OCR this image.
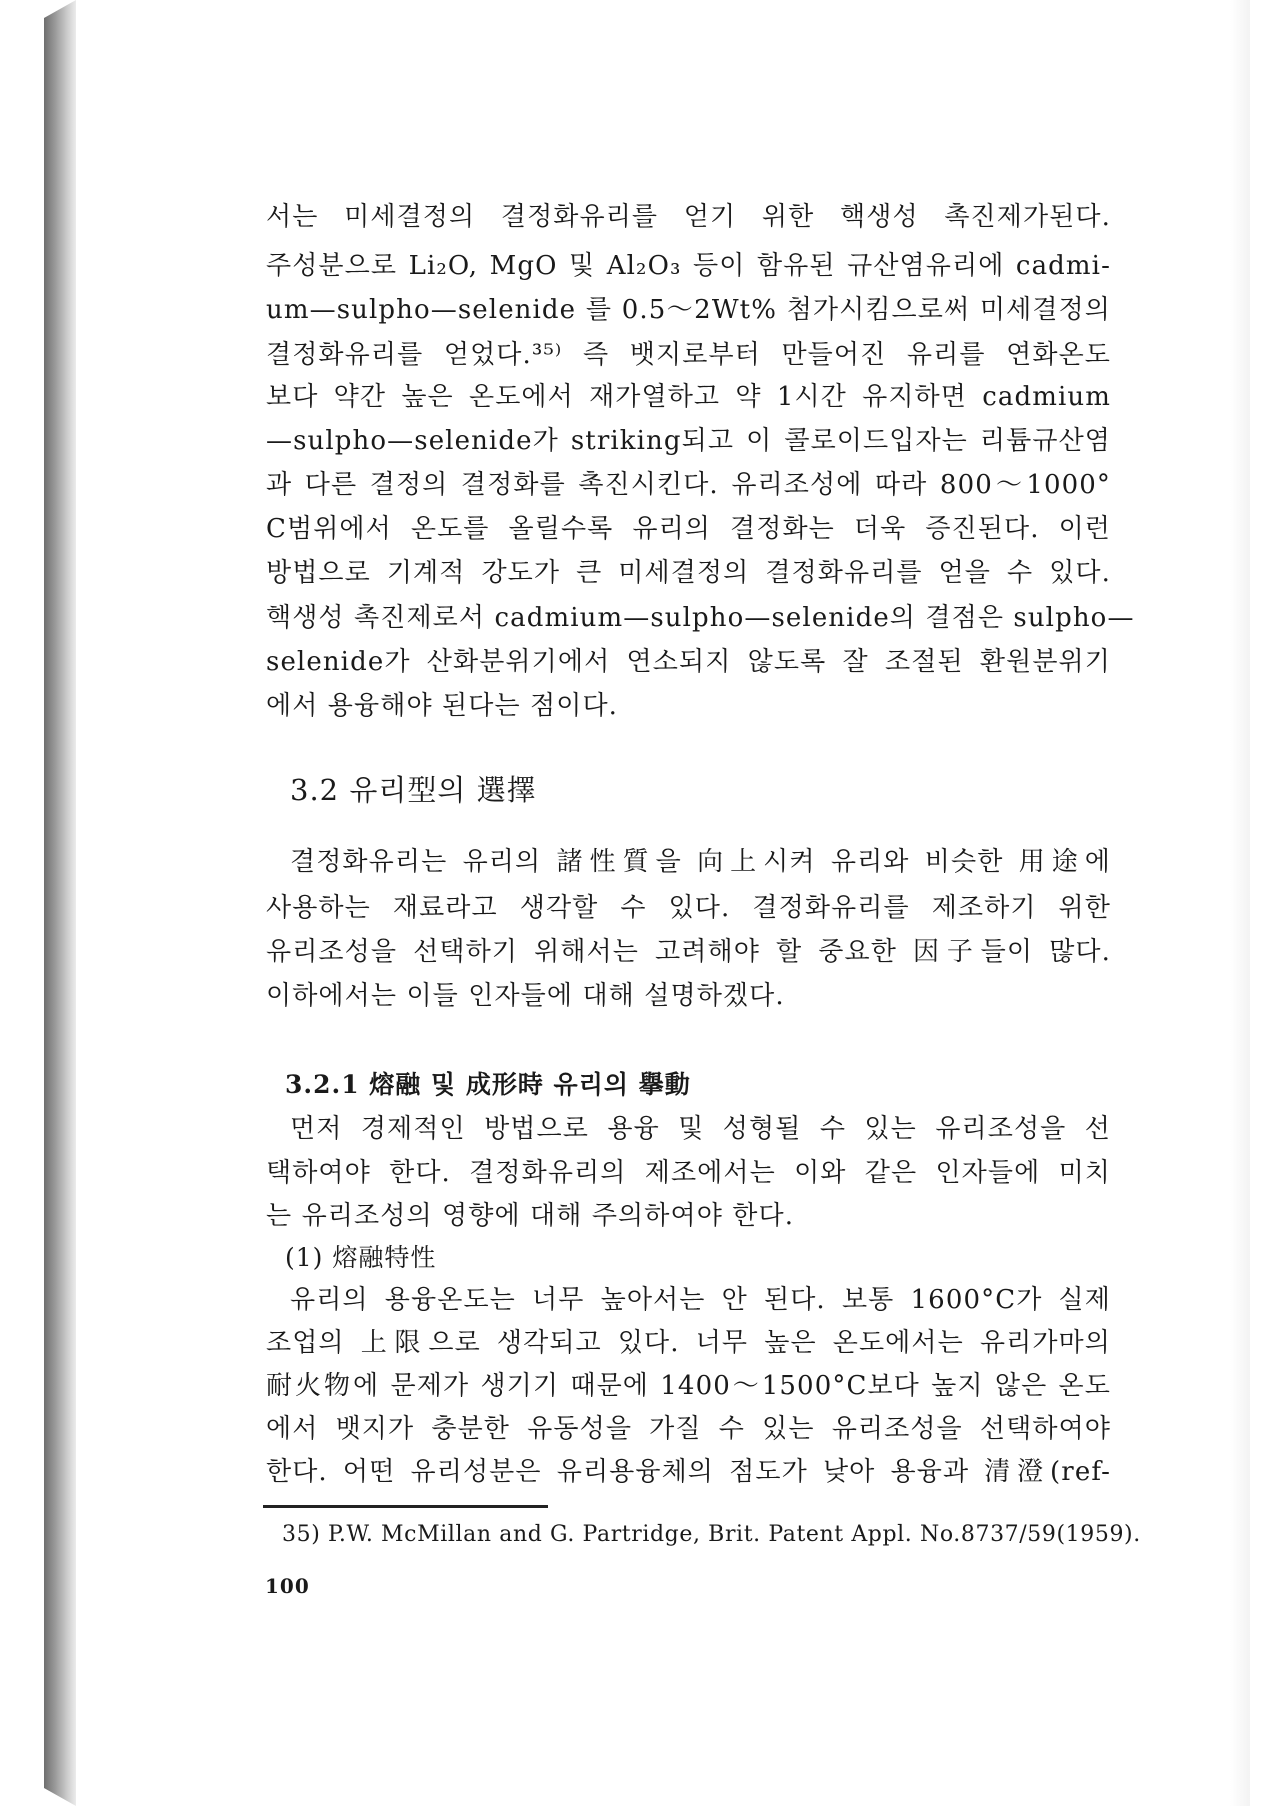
서는 미세결정의 결정화유리를 얻기 위한 핵생성 촉진제가된다.
주성분으로 Li₂O, MgO 및 Al₂O₃ 등이 함유된 규산염유리에 cadmi-
um—sulpho—selenide 를 0.5～2Wt% 첨가시킴으로써 미세결정의
결정화유리를 얻었다.³⁵⁾ 즉 뱃지로부터 만들어진 유리를 연화온도
보다 약간 높은 온도에서 재가열하고 약 1시간 유지하면 cadmium
—sulpho—selenide가 striking되고 이 콜로이드입자는 리튬규산염
과 다른 결정의 결정화를 촉진시킨다. 유리조성에 따라 800～1000°
C범위에서 온도를 올릴수록 유리의 결정화는 더욱 증진된다. 이런
방법으로 기계적 강도가 큰 미세결정의 결정화유리를 얻을 수 있다.
핵생성 촉진제로서 cadmium—sulpho—selenide의 결점은 sulpho—
selenide가 산화분위기에서 연소되지 않도록 잘 조절된 환원분위기
에서 용융해야 된다는 점이다.
3.2 유리型의 選擇
결정화유리는 유리의 諸性質을 向上시켜 유리와 비슷한 用途에
사용하는 재료라고 생각할 수 있다. 결정화유리를 제조하기 위한
유리조성을 선택하기 위해서는 고려해야 할 중요한 因子들이 많다.
이하에서는 이들 인자들에 대해 설명하겠다.
3.2.1 熔融 및 成形時 유리의 擧動
먼저 경제적인 방법으로 용융 및 성형될 수 있는 유리조성을 선
택하여야 한다. 결정화유리의 제조에서는 이와 같은 인자들에 미치
는 유리조성의 영향에 대해 주의하여야 한다.
(1) 熔融特性
유리의 용융온도는 너무 높아서는 안 된다. 보통 1600°C가 실제
조업의 上限으로 생각되고 있다. 너무 높은 온도에서는 유리가마의
耐火物에 문제가 생기기 때문에 1400～1500°C보다 높지 않은 온도
에서 뱃지가 충분한 유동성을 가질 수 있는 유리조성을 선택하여야
한다. 어떤 유리성분은 유리용융체의 점도가 낮아 용융과 清澄(ref-
35) P.W. McMillan and G. Partridge, Brit. Patent Appl. No.8737/59(1959).
100
